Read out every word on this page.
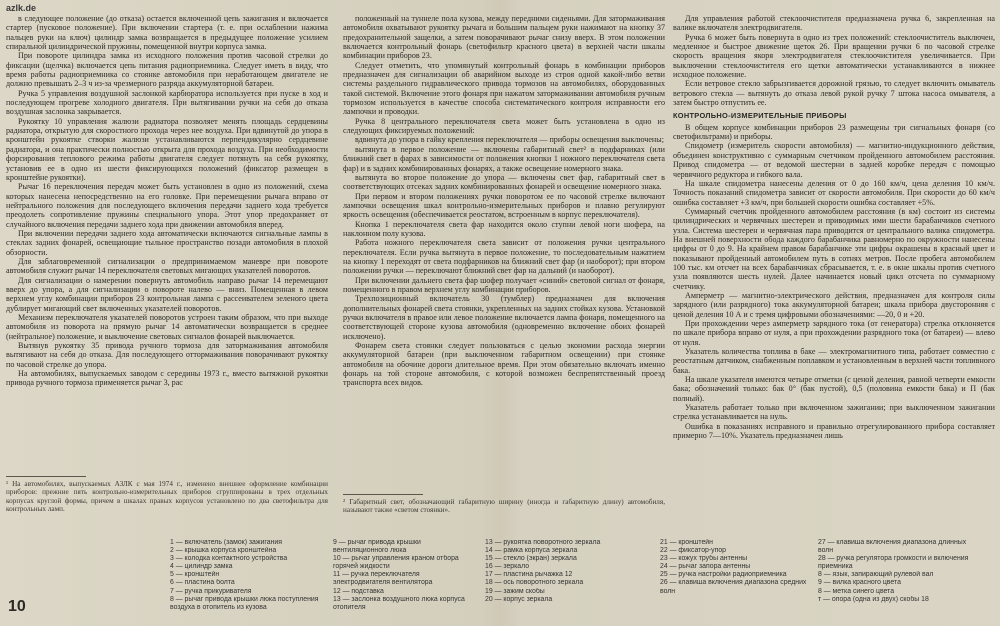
azlk.de

в следующее положение (до отказа) остается включенной цепь зажигания и включается стартер (пусковое положение). При включении стартера (т. е. при ослаблении нажима пальцев руки на ключ) цилиндр замка возвращается в предыдущее положение усилием спиральной цилиндрической пружины, помещенной внутри корпуса замка.

При повороте цилиндра замка из исходного положения против часовой стрелки до фиксации (щелчка) включается цепь питания радиоприемника. Следует иметь в виду, что время работы радиоприемника со стоянке автомобиля при неработающем двигателе не должно превышать 2–3 ч из-за чрезмерного разряда аккумуляторной батареи.

Ручка 5 управления воздушной заслонкой карбюратора используется при пуске в ход и последующем прогреве холодного двигателя. При вытягивании ручки на себя до отказа воздушная заслонка закрывается.

Рукоятку 10 управления жалюзи радиатора позволяет менять площадь сердцевины радиатора, открытую для скоростного прохода через нее воздуха. При вдвинутой до упора в кронштейн рукоятке створки жалюзи устанавливаются перпендикулярно сердцевине радиатора, и она практически полностью открыта для прохода воздуха. При необходимости форсирования теплового режима работы двигателя следует потянуть на себя рукоятку, установив ее в одно из шести фиксирующихся положений (фиксатор размещен в кронштейне рукоятки).

Рычаг 16 переключения передач может быть установлен в одно из положений, схема которых нанесена непосредственно на его головке. При перемещении рычага вправо от нейтрального положения для последующего включения передачи заднего хода требуется преодолеть сопротивление пружины специального упора. Этот упор предохраняет от случайного включения передачи заднего хода при движении автомобиля вперед.

При включении передачи заднего хода автоматически включаются сигнальные лампы в стеклах задних фонарей, освещающие тыльное пространство позади автомобиля в плохой обзорности.

Для заблаговременной сигнализации о предпринимаемом маневре при повороте автомобиля служит рычаг 14 переключателя световых мигающих указателей поворотов.

Для сигнализации о намерении повернуть автомобиль направо рычаг 14 перемещают вверх до упора, а для сигнализации о повороте налево — вниз. Помещенная в левом верхнем углу комбинации приборов 23 контрольная лампа с рассеивателем зеленого цвета дублирует мигающий свет включенных указателей поворотов.

Механизм переключателя указателей поворотов устроен таким образом, что при выходе автомобиля из поворота на прямую рычаг 14 автоматически возвращается в среднее (нейтральное) положение, и выключение световых сигналов фонарей выключается.

Вытянув рукоятку 35 привода ручного тормоза для затормаживания автомобиля вытягивают на себя до отказа. Для последующего оттормаживания поворачивают рукоятку по часовой стрелке до упора.

На автомобилях, выпускаемых заводом с середины 1973 г., вместо вытяжной рукоятки привода ручного тормоза применяется рычаг 3, рас

¹ На автомобилях, выпускаемых АЗЛК с мая 1974 г., изменено внешнее оформление комбинации приборов: прежние пять контрольно-измерительных приборов сгруппированы в трех отдельных корпусах круглой формы, причем в шкалах правых корпусов установлено по два светофильтра для контрольных ламп.

положенный на туннеле пола кузова, между передними сиденьями. Для затормаживания автомобиля охватывают рукоятку рычага и большим пальцем руки нажимают на кнопку 37 предохранительной защелки, а затем поворачивают рычаг снизу вверх. В этом положении включается контрольный фонарь (светофильтр красного цвета) в верхней части шкалы комбинации приборов 23.

Следует отметить, что упомянутый контрольный фонарь в комбинации приборов предназначен для сигнализации об аварийном выходе из строя одной какой-либо ветви системы раздельного гидравлического привода тормозов на автомобилях, оборудованных такой системой. Включение этого фонаря при нажатом затормаживании автомобиля ручным тормозом используется в качестве способа систематического контроля исправности его лампочки и проводки.

Ручка 8 центрального переключателя света может быть установлена в одно из следующих фиксируемых положений:

вдвинута до упора в гайку крепления переключателя — приборы освещения выключены;

вытянута в первое положение — включены габаритный свет² в подфарниках (или ближний свет в фарах в зависимости от положения кнопки 1 ножного переключателя света фар) и в задних комбинированных фонарях, а также освещение номерного знака.

вытянута во второе положение до упора — включены свет фар, габаритный свет в соответствующих отсеках задних комбинированных фонарей и освещение номерного знака.

При первом и втором положениях ручки поворотом ее по часовой стрелке включают лампочки освещения шкал контрольно-измерительных приборов и плавно регулируют яркость освещения (обеспечивается реостатом, встроенным в корпус переключателя).

Кнопка 1 переключателя света фар находится около ступни левой ноги шофера, на наклонном полу кузова.

Работа ножного переключателя света зависит от положения ручки центрального переключателя. Если ручка вытянута в первое положение, то последовательным нажатием на кнопку 1 переходят от света подфарников на ближний свет фар (и наоборот); при втором положении ручки — переключают ближний свет фар на дальний (и наоборот).

При включении дальнего света фар шофер получает «синий» световой сигнал от фонаря, помещенного в правом верхнем углу комбинации приборов.

Трехпозиционный включатель 30 (тумблер) предназначен для включения дополнительных фонарей света стоянки, укрепленных на задних стойках кузова. Установкой ручки включателя в правое или левое положение включается лампа фонаря, помещенного на соответствующей стороне кузова автомобиля (одновременно включение обоих фонарей исключено).

Фонарем света стоянки следует пользоваться с целью экономии расхода энергии аккумуляторной батареи (при выключенном габаритном освещении) при стоянке автомобиля на обочине дороги длительное время. При этом обязательно включать именно фонарь на той стороне автомобиля, с которой возможен беспрепятственный проезд транспорта всех видов.

² Габаритный свет, обозначающий габаритную ширину (иногда и габаритную длину) автомобиля, называют также «светом стоянки».

Для управления работой стеклоочистителя предназначена ручка 6, закрепленная на валике включателя электродвигателя.

Ручка 6 может быть повернута в одно из трех положений: стеклоочиститель выключен, медленное и быстрое движение щеток 26. При вращении ручки 6 по часовой стрелке скорость вращения якоря электродвигателя стеклоочистителя увеличивается. При выключении стеклоочистителя его щетки автоматически устанавливаются в нижнее исходное положение.

Если ветровое стекло забрызгивается дорожной грязью, то следует включить омыватель ветрового стекла — вытянуть до отказа левой рукой ручку 7 штока насоса омывателя, а затем быстро отпустить ее.

КОНТРОЛЬНО-ИЗМЕРИТЕЛЬНЫЕ ПРИБОРЫ

В общем корпусе комбинации приборов 23 размещены три сигнальных фонаря (со светофильтрами) и приборы.

Спидометр (измеритель скорости автомобиля) — магнитно-индукционного действия, объединен конструктивно с суммарным счетчиком пройденного автомобилем расстояния. Привод спидометра — от ведомой шестерни в задней коробке передач с помощью червячного редуктора и гибкого вала.

На шкале спидометра нанесены деления от 0 до 160 км/ч, цена деления 10 км/ч. Точность показаний спидометра зависит от скорости автомобиля. При скорости до 60 км/ч ошибка составляет +3 км/ч, при большей скорости ошибка составляет +5%.

Суммарный счетчик пройденного автомобилем расстояния (в км) состоит из системы цилиндрических и червячных шестерен и приводимых ими шести барабанчиков счетного узла. Система шестерен и червячная пара приводится от центрального валика спидометра. На внешней поверхности обода каждого барабанчика равномерно по окружности нанесены цифры от 0 до 9. На крайнем правом барабанчике эти цифры окрашены в красный цвет и показывают пройденный автомобилем путь в сотнях метров. После пробега автомобилем 100 тыс. км отсчет на всех барабанчиках сбрасывается, т. е. в окне шкалы против счетного узла появляются шесть нулей. Далее начинается новый цикл отсчета по суммарному счетчику.

Амперметр — магнитно-электрического действия, предназначен для контроля силы зарядного (или разрядного) тока аккумуляторной батареи; шкала прибора двусторонняя с ценой деления 10 А и с тремя цифровыми обозначениями: —20, 0 и +20.

При прохождении через амперметр зарядного тока (от генератора) стрелка отклоняется по шкале прибора вправо от нуля, а при прохождении разрядного тока (от батареи) — влево от нуля.

Указатель количества топлива в баке — электромагнитного типа, работает совместно с реостатным датчиком, снабженным поплавком и установленным в верхней части топливного бака.

На шкале указателя имеются четыре отметки (с ценой деления, равной четверти емкости бака; обозначений только: бак 0° (бак пустой), 0,5 (половина емкости бака) и П (бак полный).

Указатель работает только при включенном зажигании; при выключенном зажигании стрелка устанавливается на нуль.

Ошибка в показаниях исправного и правильно отрегулированного прибора составляет примерно 7—10%. Указатель предназначен лишь

1 — включатель (замок) зажигания
2 — крышка корпуса кронштейна
3 — колодка контактного устройства
4 — цилиндр замка
5 — кронштейн
6 — пластина болта
7 — ручка прикуривателя
8 — рычаг привода крышки люка поступления воздуха в отопитель из кузова
9 — рычаг привода крышки вентиляционного люка
10 — рычаг управления краном отбора горячей жидкости
11 — ручка переключателя электродвигателя вентилятора
12 — подставка
13 — заслонка воздушного люка корпуса отопителя
13 — рукоятка поворотного зеркала
14 — рамка корпуса зеркала
15 — стекло (экран) зеркала
16 — зеркало
17 — пластина рычажка 12
18 — ось поворотного зеркала
19 — зажим скобы
20 — корпус зеркала
21 — кронштейн
22 — фиксатор-упор
23 — кожух трубы антенны
24 — рычаг запора антенны
25 — ручка настройки радиоприемника
26 — клавиша включения диапазона средних волн
27 — клавиша включения диапазона длинных волн
28 — ручка регулятора громкости и включения приемника
8 — язык, запирающий рулевой вал
9 — вилка красного цвета
8 — метка синего цвета
т — опора (одна из двух) скобы 18
10
